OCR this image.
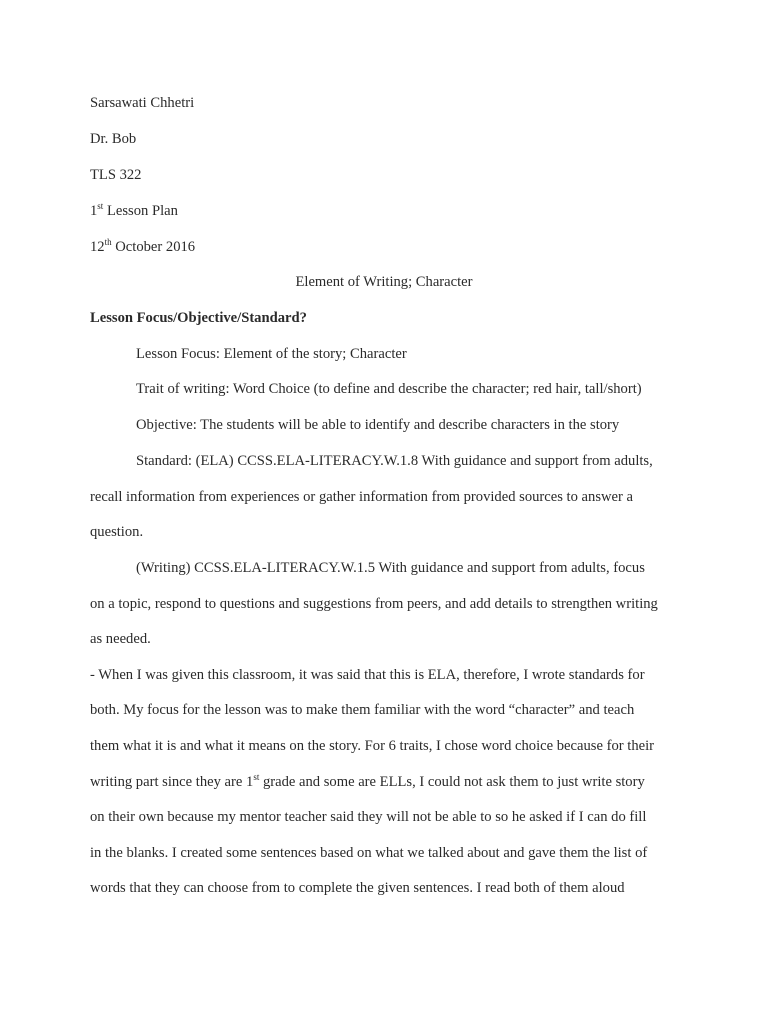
Sarsawati Chhetri
Dr. Bob
TLS 322
1st Lesson Plan
12th October 2016
Element of Writing; Character
Lesson Focus/Objective/Standard?
Lesson Focus: Element of the story; Character
Trait of writing: Word Choice (to define and describe the character; red hair, tall/short)
Objective: The students will be able to identify and describe characters in the story
Standard: (ELA) CCSS.ELA-LITERACY.W.1.8 With guidance and support from adults,
recall information from experiences or gather information from provided sources to answer a
question.
(Writing) CCSS.ELA-LITERACY.W.1.5 With guidance and support from adults, focus
on a topic, respond to questions and suggestions from peers, and add details to strengthen writing
as needed.
- When I was given this classroom, it was said that this is ELA, therefore, I wrote standards for
both. My focus for the lesson was to make them familiar with the word “character” and teach
them what it is and what it means on the story. For 6 traits, I chose word choice because for their
writing part since they are 1st grade and some are ELLs, I could not ask them to just write story
on their own because my mentor teacher said they will not be able to so he asked if I can do fill
in the blanks. I created some sentences based on what we talked about and gave them the list of
words that they can choose from to complete the given sentences. I read both of them aloud
